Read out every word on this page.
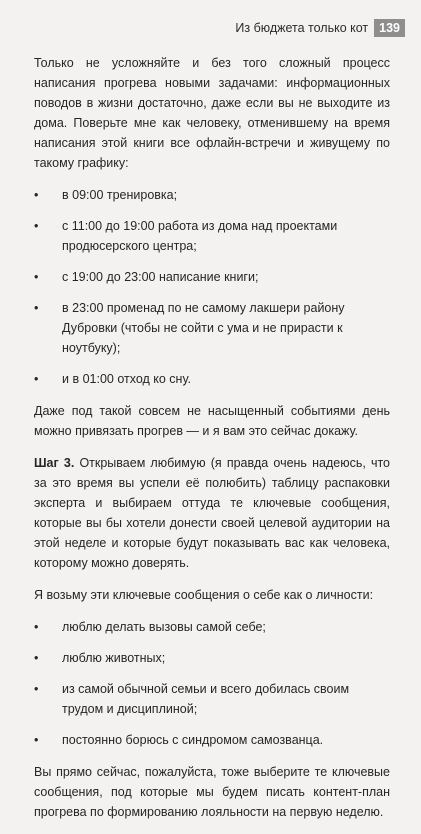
Из бюджета только кот 139

Только не усложняйте и без того сложный процесс написания прогрева новыми задачами: информационных поводов в жизни достаточно, даже если вы не выходите из дома. Поверьте мне как человеку, отменившему на время написания этой книги все офлайн-встречи и живущему по такому графику:

• в 09:00 тренировка;
• с 11:00 до 19:00 работа из дома над проектами продюсерского центра;
• с 19:00 до 23:00 написание книги;
• в 23:00 променад по не самому лакшери району Дубровки (чтобы не сойти с ума и не прирасти к ноутбуку);
• и в 01:00 отход ко сну.

Даже под такой совсем не насыщенный событиями день можно привязать прогрев — и я вам это сейчас докажу.

Шаг 3. Открываем любимую (я правда очень надеюсь, что за это время вы успели её полюбить) таблицу распаковки эксперта и выбираем оттуда те ключевые сообщения, которые вы бы хотели донести своей целевой аудитории на этой неделе и которые будут показывать вас как человека, которому можно доверять.

Я возьму эти ключевые сообщения о себе как о личности:

• люблю делать вызовы самой себе;
• люблю животных;
• из самой обычной семьи и всего добилась своим трудом и дисциплиной;
• постоянно борюсь с синдромом самозванца.

Вы прямо сейчас, пожалуйста, тоже выберите те ключевые сообщения, под которые мы будем писать контент-план прогрева по формированию лояльности на первую неделю.
